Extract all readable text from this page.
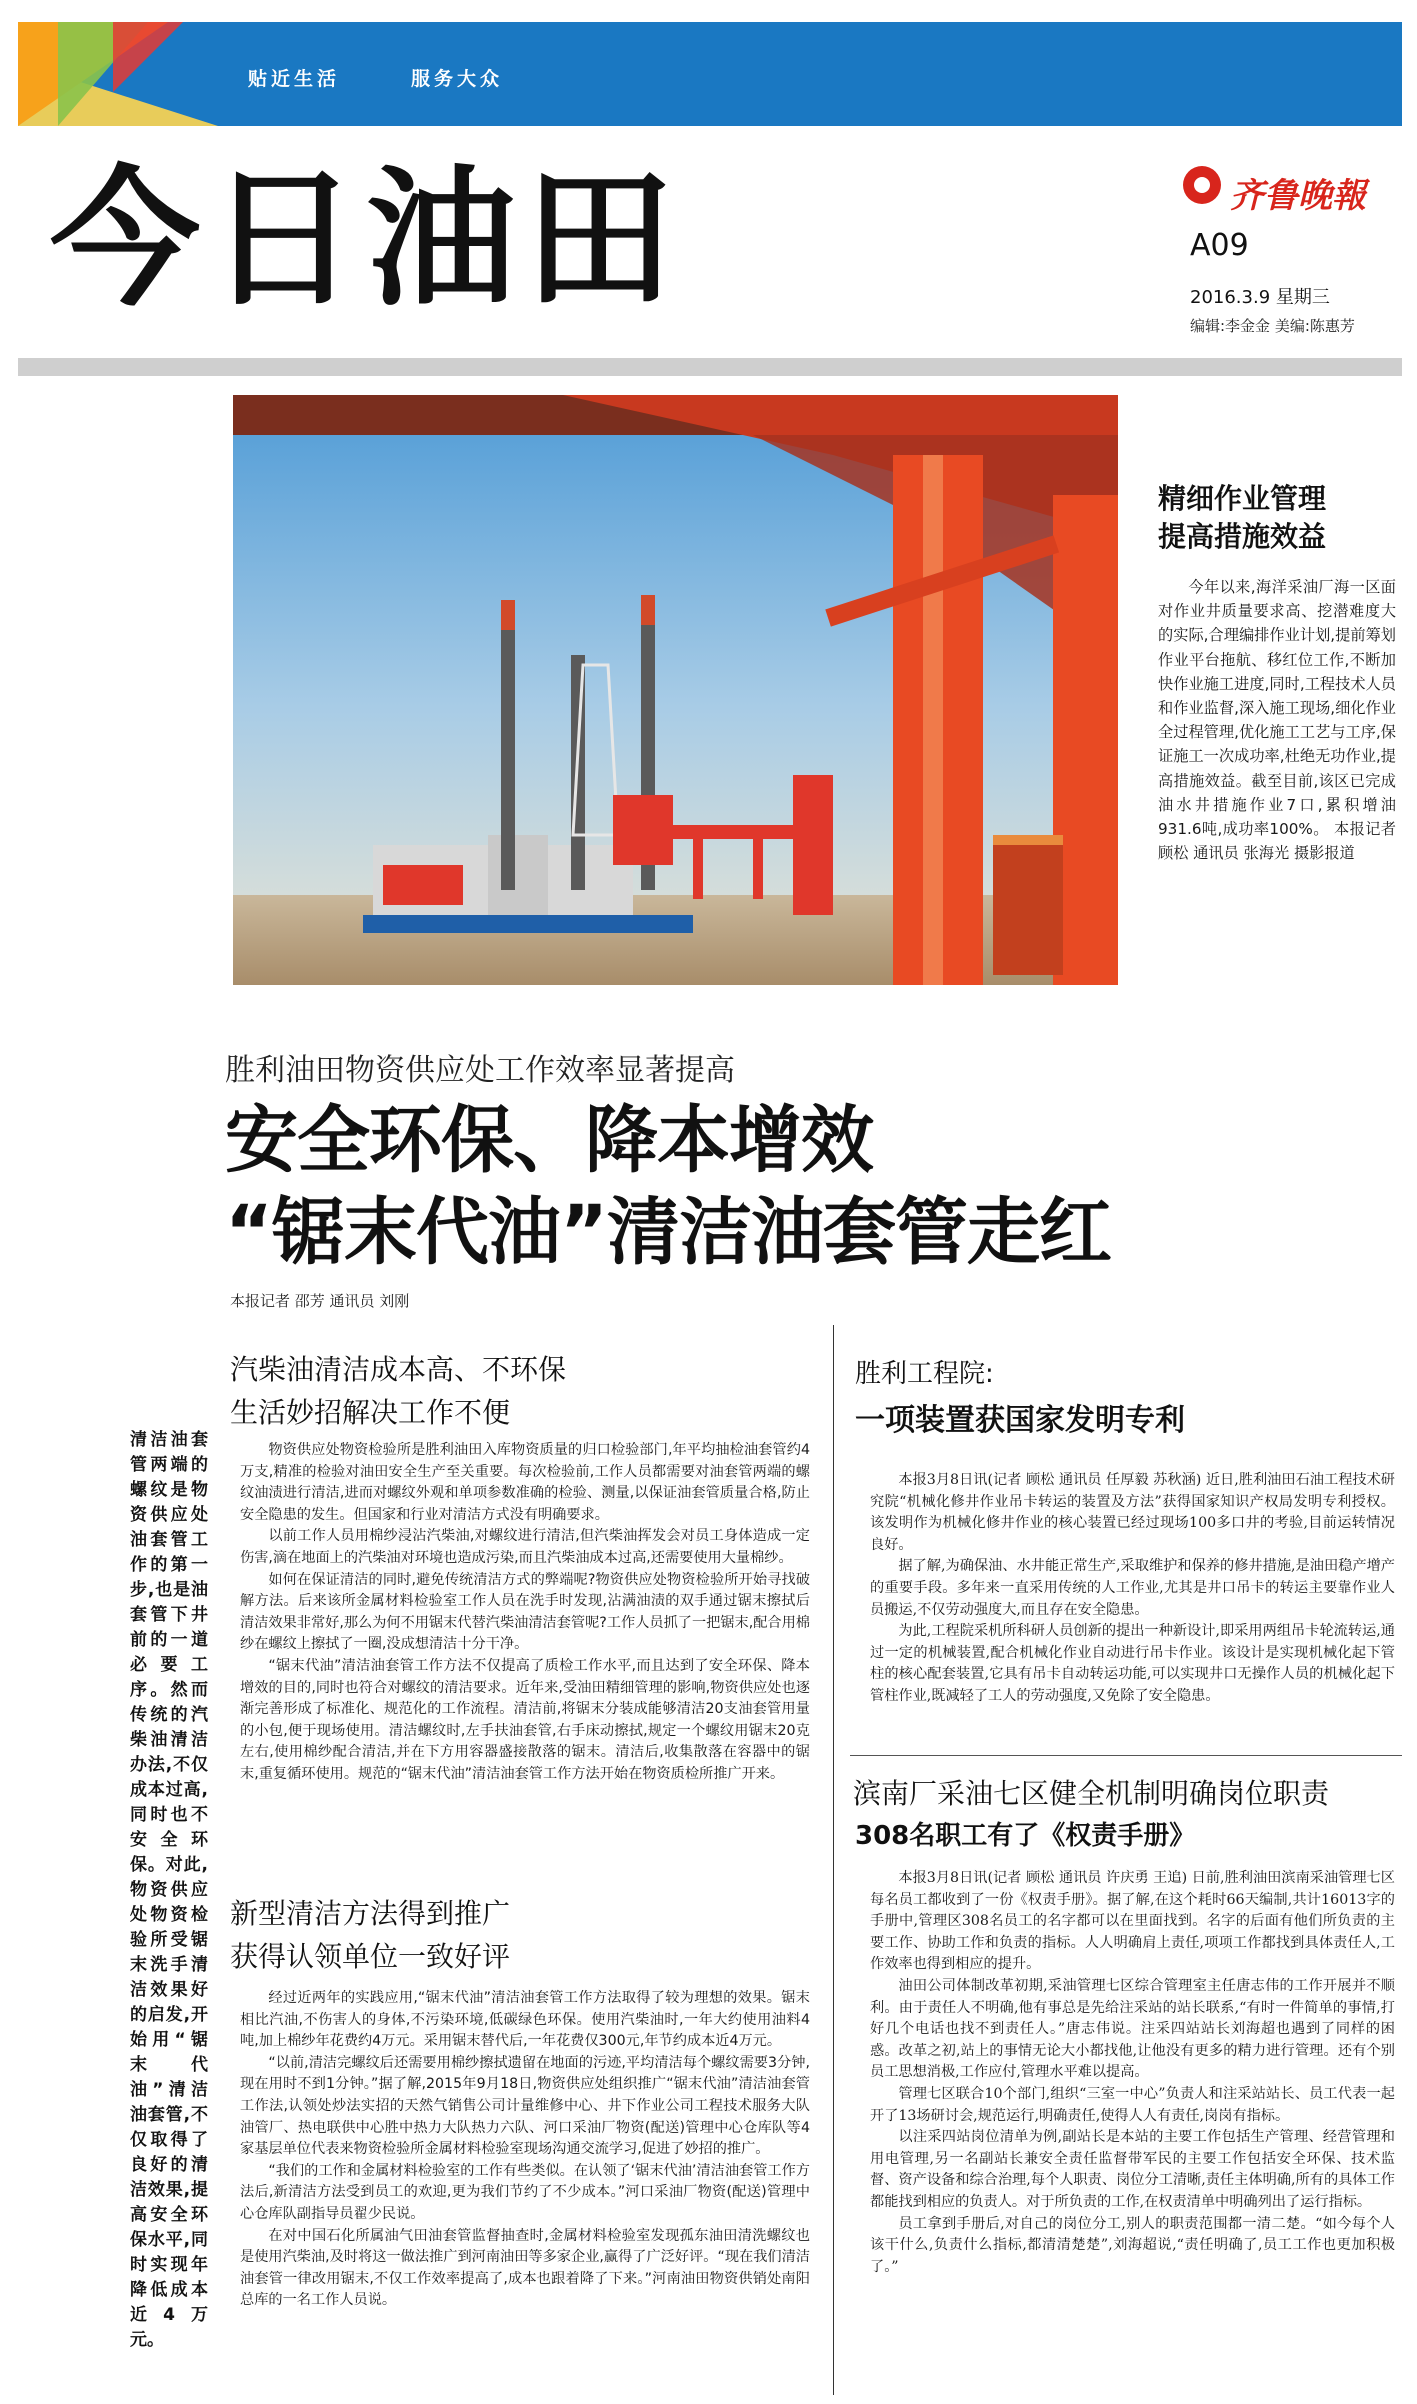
贴近生活	服务大众
今日油田	齐鲁晚報
A09
2016.3.9 星期三
编辑:李金金 美编:陈惠芳
精细作业管理
提高措施效益
今年以来,海洋采油厂海一区面对作业井质量要求高、挖潜难度大的实际,合理编排作业计划,提前筹划作业平台拖航、移红位工作,不断加快作业施工进度,同时,工程技术人员和作业监督,深入施工现场,细化作业全过程管理,优化施工工艺与工序,保证施工一次成功率,杜绝无功作业,提高措施效益。截至目前,该区已完成油水井措施作业7口,累积增油931.6吨,成功率100%。 本报记者 顾松 通讯员 张海光 摄影报道
胜利油田物资供应处工作效率显著提高
安全环保、降本增效
“锯末代油”清洁油套管走红
本报记者 邵芳 通讯员 刘刚
清洁油套管两端的螺纹是物资供应处油套管工作的第一步,也是油套管下井前的一道必要工序。然而传统的汽柴油清洁办法,不仅成本过高,同时也不安全环保。对此,物资供应处物资检验所受锯末洗手清洁效果好的启发,开始用“锯末代油”清洁油套管,不仅取得了良好的清洁效果,提高安全环保水平,同时实现年降低成本近4万元。
汽柴油清洁成本高、不环保
生活妙招解决工作不便

物资供应处物资检验所是胜利油田入库物资质量的归口检验部门,年平均抽检油套管约4万支,精准的检验对油田安全生产至关重要。每次检验前,工作人员都需要对油套管两端的螺纹油渍进行清洁,进而对螺纹外观和单项参数准确的检验、测量,以保证油套管质量合格,防止安全隐患的发生。但国家和行业对清洁方式没有明确要求。

以前工作人员用棉纱浸沾汽柴油,对螺纹进行清洁,但汽柴油挥发会对员工身体造成一定伤害,滴在地面上的汽柴油对环境也造成污染,而且汽柴油成本过高,还需要使用大量棉纱。

如何在保证清洁的同时,避免传统清洁方式的弊端呢?物资供应处物资检验所开始寻找破解方法。后来该所金属材料检验室工作人员在洗手时发现,沾满油渍的双手通过锯末擦拭后清洁效果非常好,那么为何不用锯末代替汽柴油清洁套管呢?工作人员抓了一把锯末,配合用棉纱在螺纹上擦拭了一圈,没成想清洁十分干净。

“锯末代油”清洁油套管工作方法不仅提高了质检工作水平,而且达到了安全环保、降本增效的目的,同时也符合对螺纹的清洁要求。近年来,受油田精细管理的影响,物资供应处也逐渐完善形成了标准化、规范化的工作流程。清洁前,将锯末分装成能够清洁20支油套管用量的小包,便于现场使用。清洁螺纹时,左手扶油套管,右手床动擦拭,规定一个螺纹用锯末20克左右,使用棉纱配合清洁,并在下方用容器盛接散落的锯末。清洁后,收集散落在容器中的锯末,重复循环使用。规范的“锯末代油”清洁油套管工作方法开始在物资质检所推广开来。

新型清洁方法得到推广
获得认领单位一致好评

经过近两年的实践应用,“锯末代油”清洁油套管工作方法取得了较为理想的效果。锯末相比汽油,不伤害人的身体,不污染环境,低碳绿色环保。使用汽柴油时,一年大约使用油料4吨,加上棉纱年花费约4万元。采用锯末替代后,一年花费仅300元,年节约成本近4万元。

“以前,清洁完螺纹后还需要用棉纱擦拭遗留在地面的污迹,平均清洁每个螺纹需要3分钟,现在用时不到1分钟。”据了解,2015年9月18日,物资供应处组织推广“锯末代油”清洁油套管工作法,认领处炒法实招的天然气销售公司计量维修中心、井下作业公司工程技术服务大队油管厂、热电联供中心胜中热力大队热力六队、河口采油厂物资(配送)管理中心仓库队等4家基层单位代表来物资检验所金属材料检验室现场沟通交流学习,促进了妙招的推广。

“我们的工作和金属材料检验室的工作有些类似。在认领了‘锯末代油’清洁油套管工作方法后,新清洁方法受到员工的欢迎,更为我们节约了不少成本。”河口采油厂物资(配送)管理中心仓库队副指导员翟少民说。

在对中国石化所属油气田油套管监督抽查时,金属材料检验室发现孤东油田清洗螺纹也是使用汽柴油,及时将这一做法推广到河南油田等多家企业,赢得了广泛好评。“现在我们清洁油套管一律改用锯末,不仅工作效率提高了,成本也跟着降了下来。”河南油田物资供销处南阳总库的一名工作人员说。

胜利工程院:
一项装置获国家发明专利

本报3月8日讯(记者 顾松 通讯员 任厚毅 苏秋涵) 近日,胜利油田石油工程技术研究院“机械化修井作业吊卡转运的装置及方法”获得国家知识产权局发明专利授权。该发明作为机械化修井作业的核心装置已经过现场100多口井的考验,目前运转情况良好。

据了解,为确保油、水井能正常生产,采取维护和保养的修井措施,是油田稳产增产的重要手段。多年来一直采用传统的人工作业,尤其是井口吊卡的转运主要靠作业人员搬运,不仅劳动强度大,而且存在安全隐患。

为此,工程院采机所科研人员创新的提出一种新设计,即采用两组吊卡轮流转运,通过一定的机械装置,配合机械化作业自动进行吊卡作业。该设计是实现机械化起下管柱的核心配套装置,它具有吊卡自动转运功能,可以实现井口无操作人员的机械化起下管柱作业,既减轻了工人的劳动强度,又免除了安全隐患。

滨南厂采油七区健全机制明确岗位职责
308名职工有了《权责手册》

本报3月8日讯(记者 顾松 通讯员 许庆勇 王追) 日前,胜利油田滨南采油管理七区每名员工都收到了一份《权责手册》。据了解,在这个耗时66天编制,共计16013字的手册中,管理区308名员工的名字都可以在里面找到。名字的后面有他们所负责的主要工作、协助工作和负责的指标。人人明确肩上责任,项项工作都找到具体责任人,工作效率也得到相应的提升。

油田公司体制改革初期,采油管理七区综合管理室主任唐志伟的工作开展并不顺利。由于责任人不明确,他有事总是先给注采站的站长联系,“有时一件简单的事情,打好几个电话也找不到责任人。”唐志伟说。注采四站站长刘海超也遇到了同样的困惑。改革之初,站上的事情无论大小都找他,让他没有更多的精力进行管理。还有个别员工思想消极,工作应付,管理水平难以提高。

管理七区联合10个部门,组织“三室一中心”负责人和注采站站长、员工代表一起开了13场研讨会,规范运行,明确责任,使得人人有责任,岗岗有指标。

以注采四站岗位清单为例,副站长是本站的主要工作包括生产管理、经营管理和用电管理,另一名副站长兼安全责任监督带军民的主要工作包括安全环保、技术监督、资产设备和综合治理,每个人职责、岗位分工清晰,责任主体明确,所有的具体工作都能找到相应的负责人。对于所负责的工作,在权责清单中明确列出了运行指标。

员工拿到手册后,对自己的岗位分工,别人的职责范围都一清二楚。“如今每个人该干什么,负责什么指标,都清清楚楚”,刘海超说,“责任明确了,员工工作也更加积极了。”
